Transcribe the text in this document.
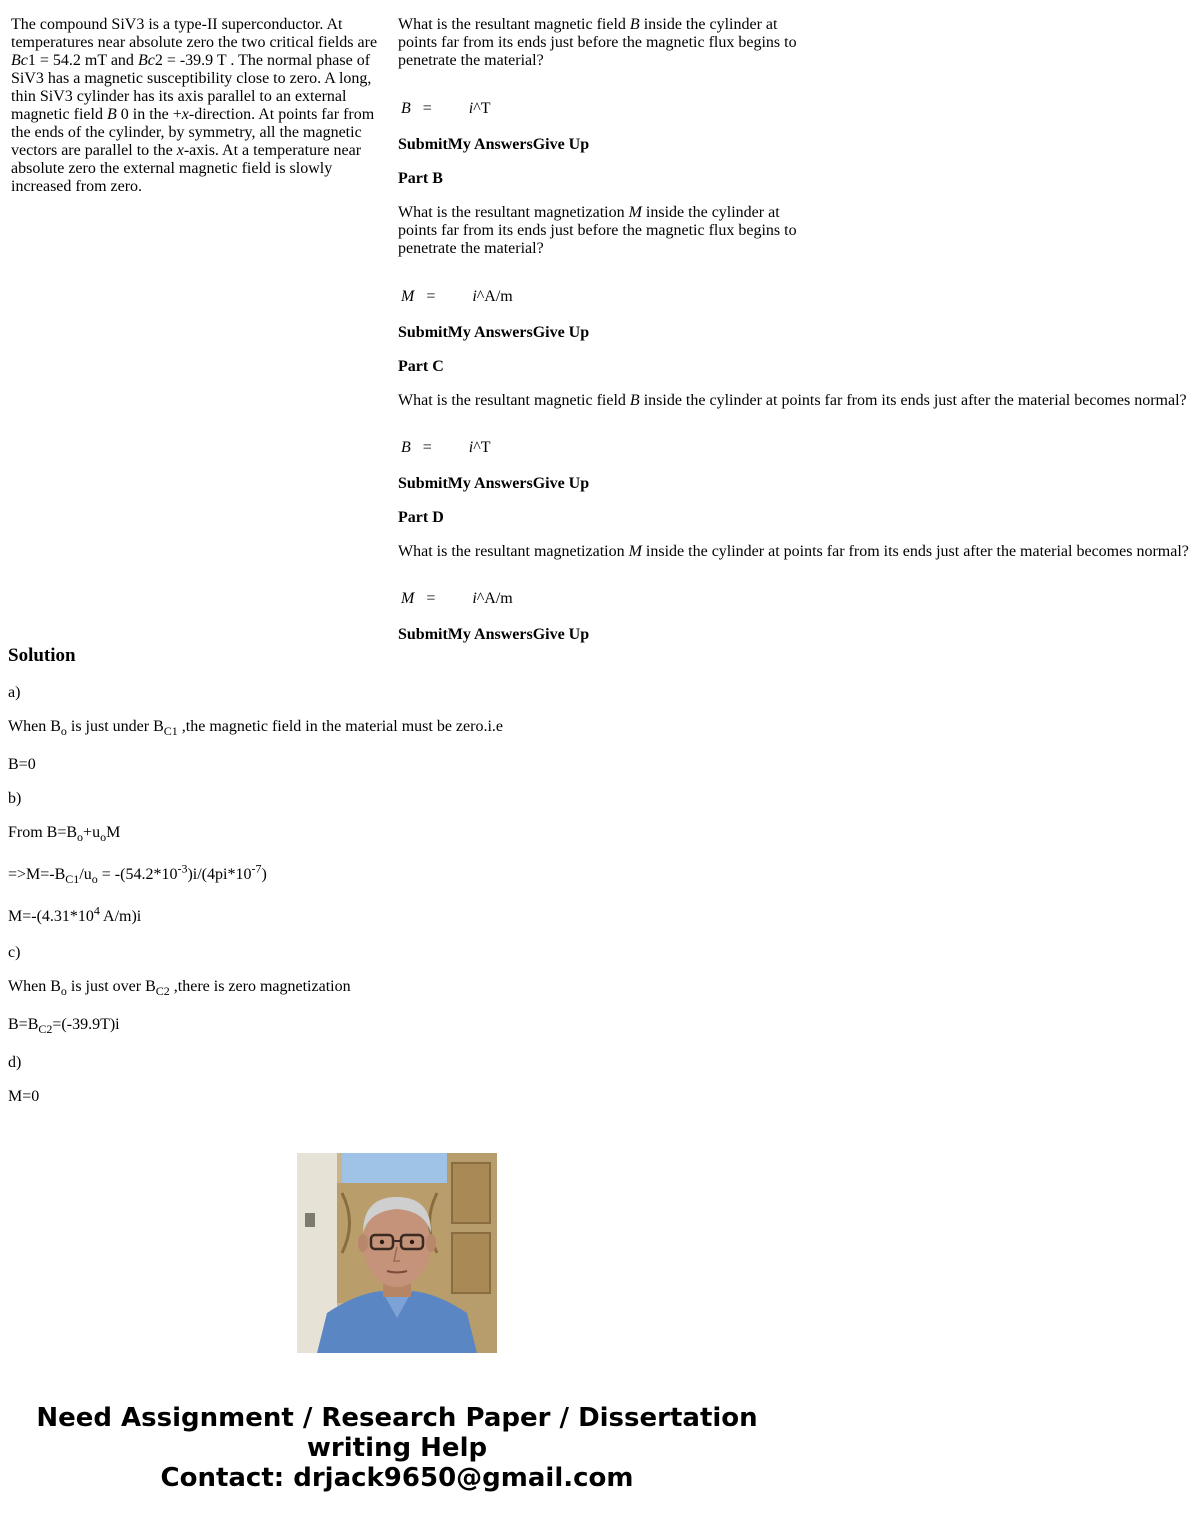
The compound SiV3 is a type-II superconductor. At temperatures near absolute zero the two critical fields are Bc1 = 54.2 mT and Bc2 = -39.9 T . The normal phase of SiV3 has a magnetic susceptibility close to zero. A long, thin SiV3 cylinder has its axis parallel to an external magnetic field B 0 in the +x-direction. At points far from the ends of the cylinder, by symmetry, all the magnetic vectors are parallel to the x-axis. At a temperature near absolute zero the external magnetic field is slowly increased from zero.
What is the resultant magnetic field B inside the cylinder at points far from its ends just before the magnetic flux begins to penetrate the material?
B = i^T
SubmitMy AnswersGive Up
Part B
What is the resultant magnetization M inside the cylinder at points far from its ends just before the magnetic flux begins to penetrate the material?
M = i^A/m
SubmitMy AnswersGive Up
Part C
What is the resultant magnetic field B inside the cylinder at points far from its ends just after the material becomes normal?
B = i^T
SubmitMy AnswersGive Up
Part D
What is the resultant magnetization M inside the cylinder at points far from its ends just after the material becomes normal?
M = i^A/m
SubmitMy AnswersGive Up
Solution

a)

When $B_o$ is just under $B_{C1}$ ,the magnetic field in the material must be zero.i.e

B=0

b)

From $B=B_o+u_oM$

$=>M=-B_{C1}/u_o = -(54.2*10^{-3})i/(4pi*10^{-7})$

$M=-(4.31*10^4$ A/m)i

c)

When $B_o$ is just over $B_{C2}$ ,there is zero magnetization

$B=B_{C2}=(-39.9T)i$

d)

M=0

Need Assignment / Research Paper / Dissertation
writing Help
Contact: drjack9650@gmail.com
